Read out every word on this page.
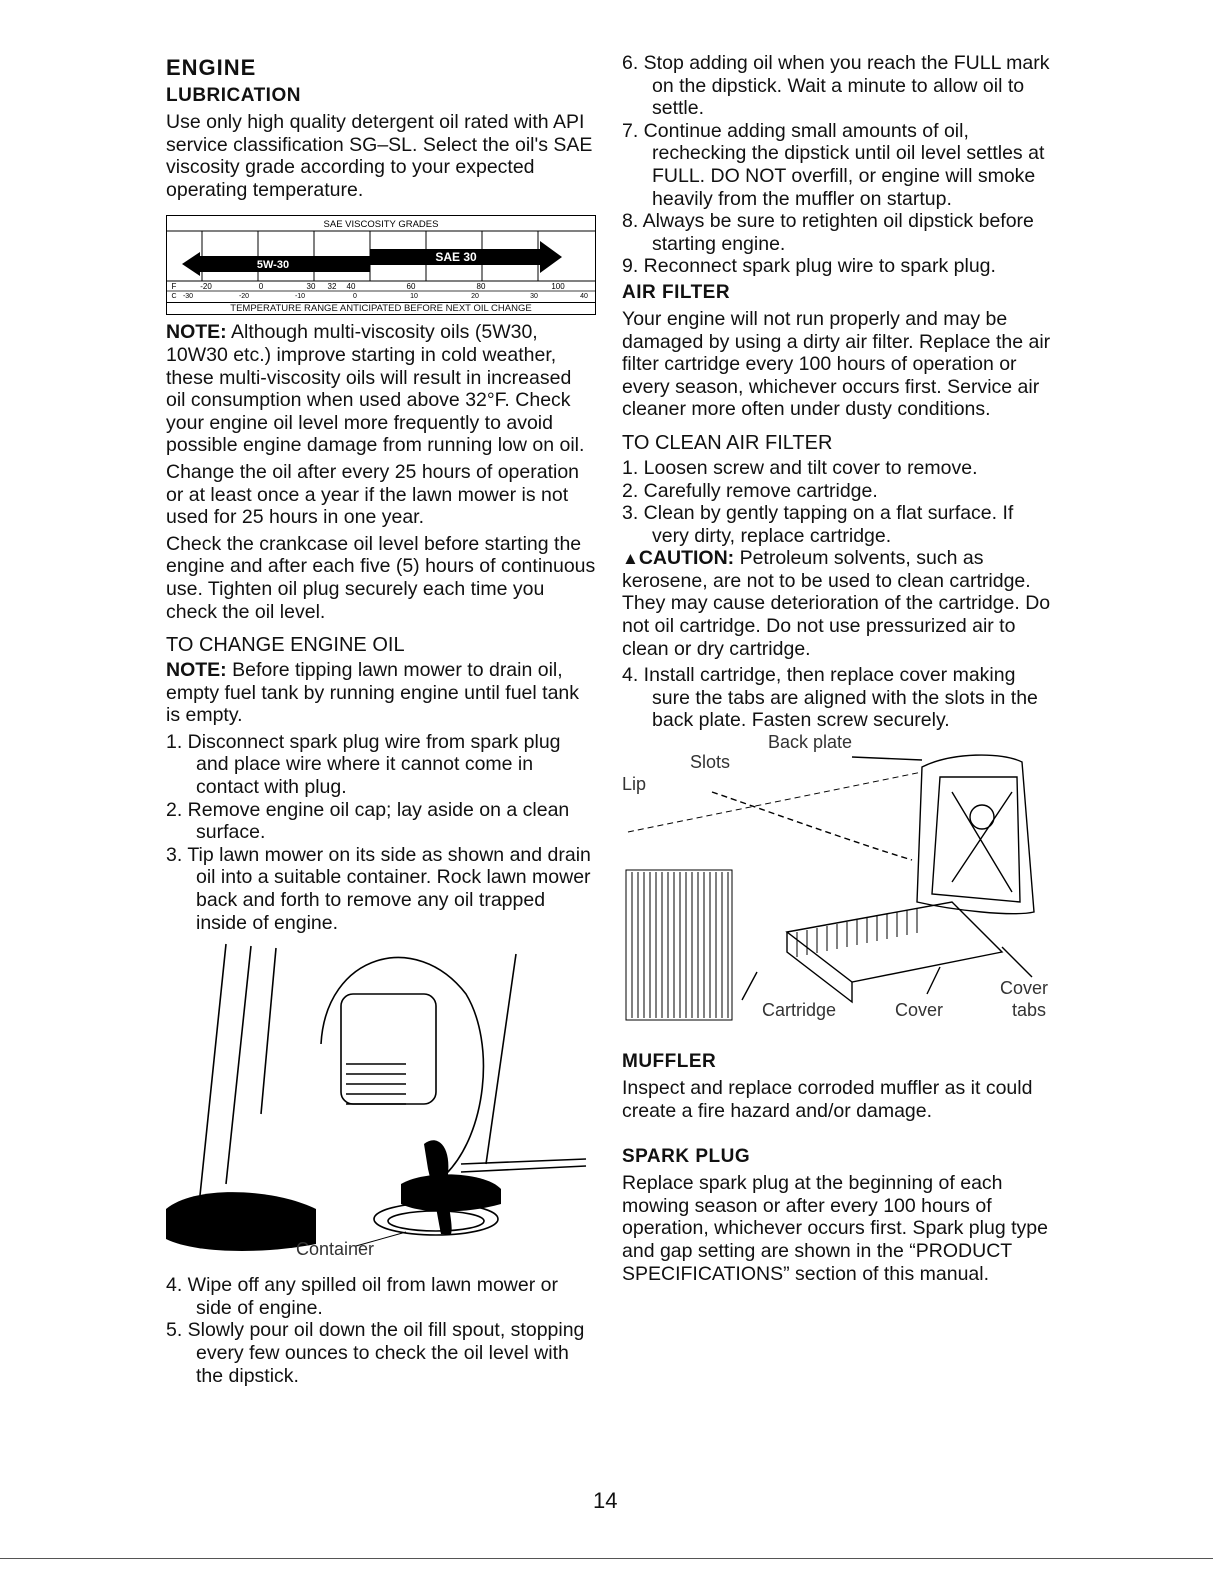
ENGINE
LUBRICATION

Use only high quality detergent oil rated with API service classification SG–SL. Select the oil's SAE viscosity grade according to your expected operating temperature.

SAE VISCOSITY GRADES
SAE 30
5W-30
F	-20	0	30 32 40	60	80	100
C -30	-20	-10	0	10	20	30	40
TEMPERATURE RANGE ANTICIPATED BEFORE NEXT OIL CHANGE

NOTE: Although multi-viscosity oils (5W30, 10W30 etc.) improve starting in cold weather, these multi-viscosity oils will result in increased oil consumption when used above 32°F. Check your engine oil level more frequently to avoid possible engine damage from running low on oil.

Change the oil after every 25 hours of operation or at least once a year if the lawn mower is not used for 25 hours in one year.

Check the crankcase oil level before starting the engine and after each five (5) hours of continuous use. Tighten oil plug securely each time you check the oil level.

TO CHANGE ENGINE OIL

NOTE: Before tipping lawn mower to drain oil, empty fuel tank by running engine until fuel tank is empty.

1. Disconnect spark plug wire from spark plug and place wire where it cannot come in contact with plug.
2. Remove engine oil cap; lay aside on a clean surface.
3. Tip lawn mower on its side as shown and drain oil into a suitable container. Rock lawn mower back and forth to remove any oil trapped inside of engine.
Container
4. Wipe off any spilled oil from lawn mower or side of engine.
5. Slowly pour oil down the oil fill spout, stopping every few ounces to check the oil level with the dipstick.
6. Stop adding oil when you reach the FULL mark on the dipstick. Wait a minute to allow oil to settle.
7. Continue adding small amounts of oil, rechecking the dipstick until oil level settles at FULL. DO NOT overfill, or engine will smoke heavily from the muffler on startup.
8. Always be sure to retighten oil dipstick before starting engine.
9. Reconnect spark plug wire to spark plug.
AIR FILTER

Your engine will not run properly and may be damaged by using a dirty air filter. Replace the air filter cartridge every 100 hours of operation or every season, whichever occurs first. Service air cleaner more often under dusty conditions.

TO CLEAN AIR FILTER
1. Loosen screw and tilt cover to remove.
2. Carefully remove cartridge.
3. Clean by gently tapping on a flat surface. If very dirty, replace cartridge.

▲CAUTION: Petroleum solvents, such as kerosene, are not to be used to clean cartridge. They may cause deterioration of the cartridge. Do not oil cartridge. Do not use pressurized air to clean or dry cartridge.

4. Install cartridge, then replace cover making sure the tabs are aligned with the slots in the back plate. Fasten screw securely.
Back plate
Slots
Lip
Cartridge	Cover
Cover
tabs
MUFFLER

Inspect and replace corroded muffler as it could create a fire hazard and/or damage.

SPARK PLUG

Replace spark plug at the beginning of each mowing season or after every 100 hours of operation, whichever occurs first. Spark plug type and gap setting are shown in the “PRODUCT SPECIFICATIONS” section of this manual.

14
